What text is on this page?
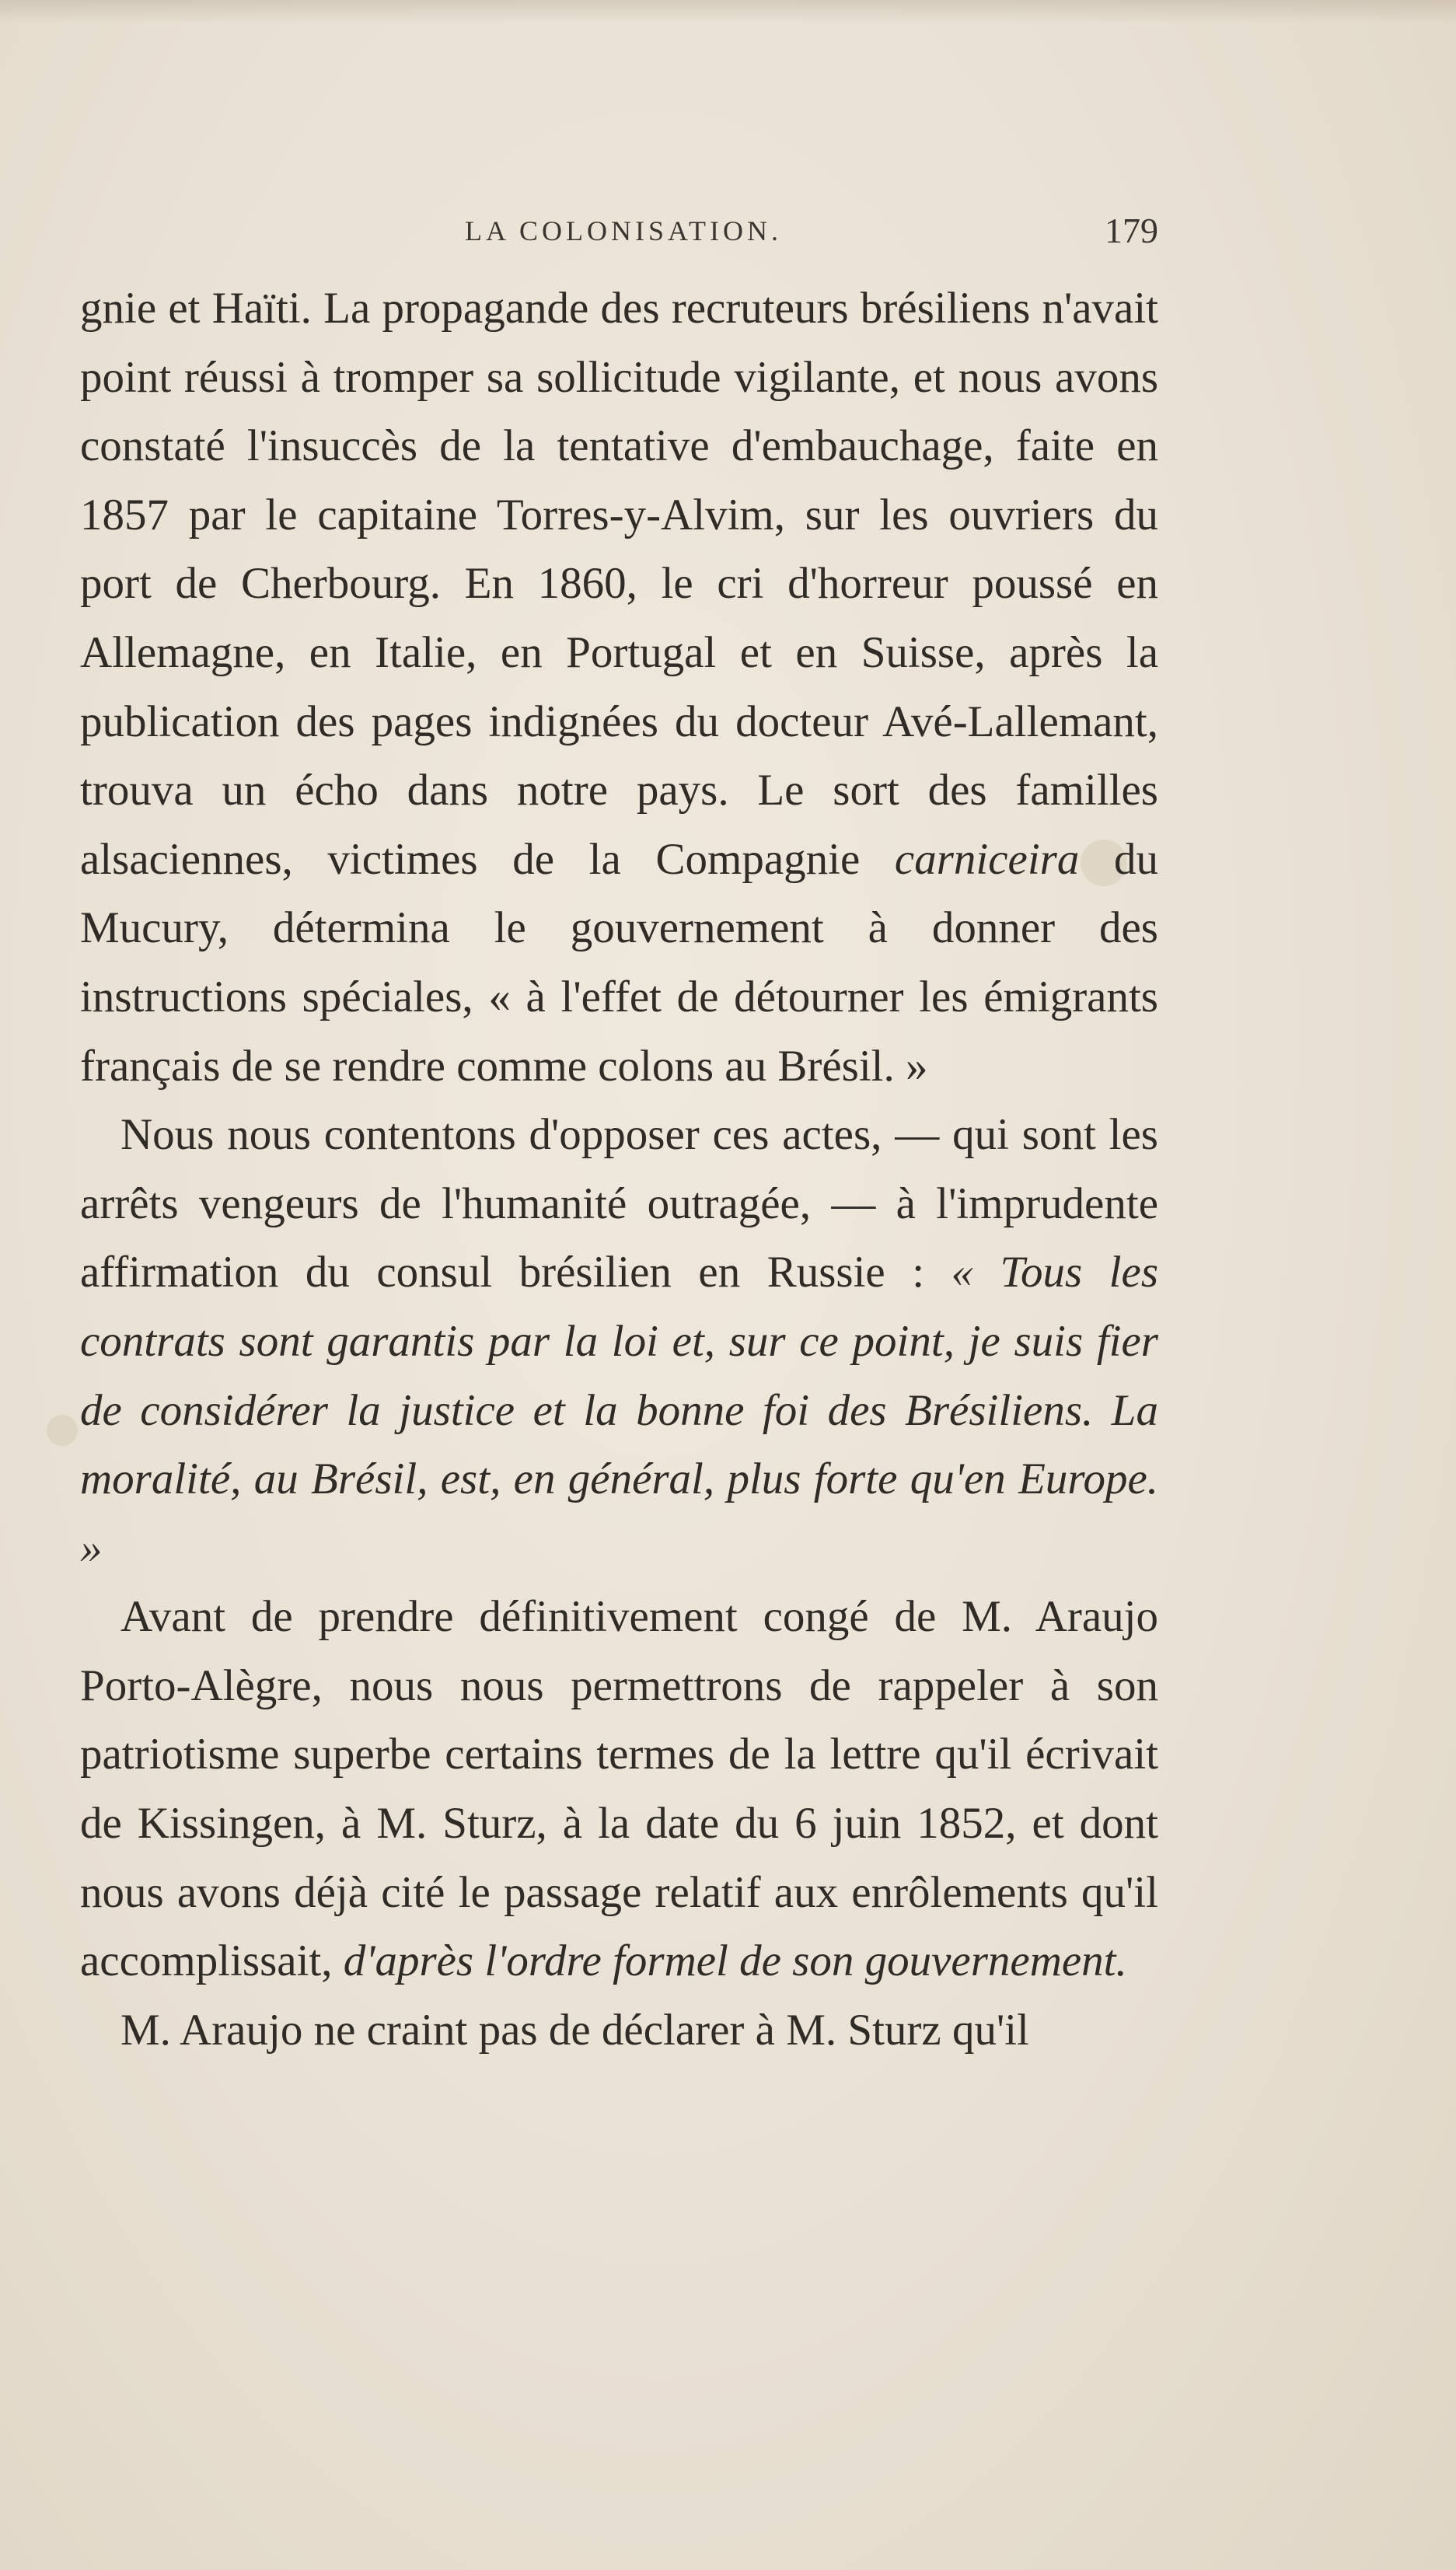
LA COLONISATION.	179

gnie et Haïti. La propagande des recruteurs brésiliens n'avait point réussi à tromper sa sollicitude vigilante, et nous avons constaté l'insuccès de la tentative d'embauchage, faite en 1857 par le capitaine Torres-y-Alvim, sur les ouvriers du port de Cherbourg. En 1860, le cri d'horreur poussé en Allemagne, en Italie, en Portugal et en Suisse, après la publication des pages indignées du docteur Avé-Lallemant, trouva un écho dans notre pays. Le sort des familles alsaciennes, victimes de la Compagnie carniceira du Mucury, détermina le gouvernement à donner des instructions spéciales, « à l'effet de détourner les émigrants français de se rendre comme colons au Brésil. »

Nous nous contentons d'opposer ces actes, — qui sont les arrêts vengeurs de l'humanité outragée, — à l'imprudente affirmation du consul brésilien en Russie : « Tous les contrats sont garantis par la loi et, sur ce point, je suis fier de considérer la justice et la bonne foi des Brésiliens. La moralité, au Brésil, est, en général, plus forte qu'en Europe. »

Avant de prendre définitivement congé de M. Araujo Porto-Alègre, nous nous permettrons de rappeler à son patriotisme superbe certains termes de la lettre qu'il écrivait de Kissingen, à M. Sturz, à la date du 6 juin 1852, et dont nous avons déjà cité le passage relatif aux enrôlements qu'il accomplissait, d'après l'ordre formel de son gouvernement.

M. Araujo ne craint pas de déclarer à M. Sturz qu'il
